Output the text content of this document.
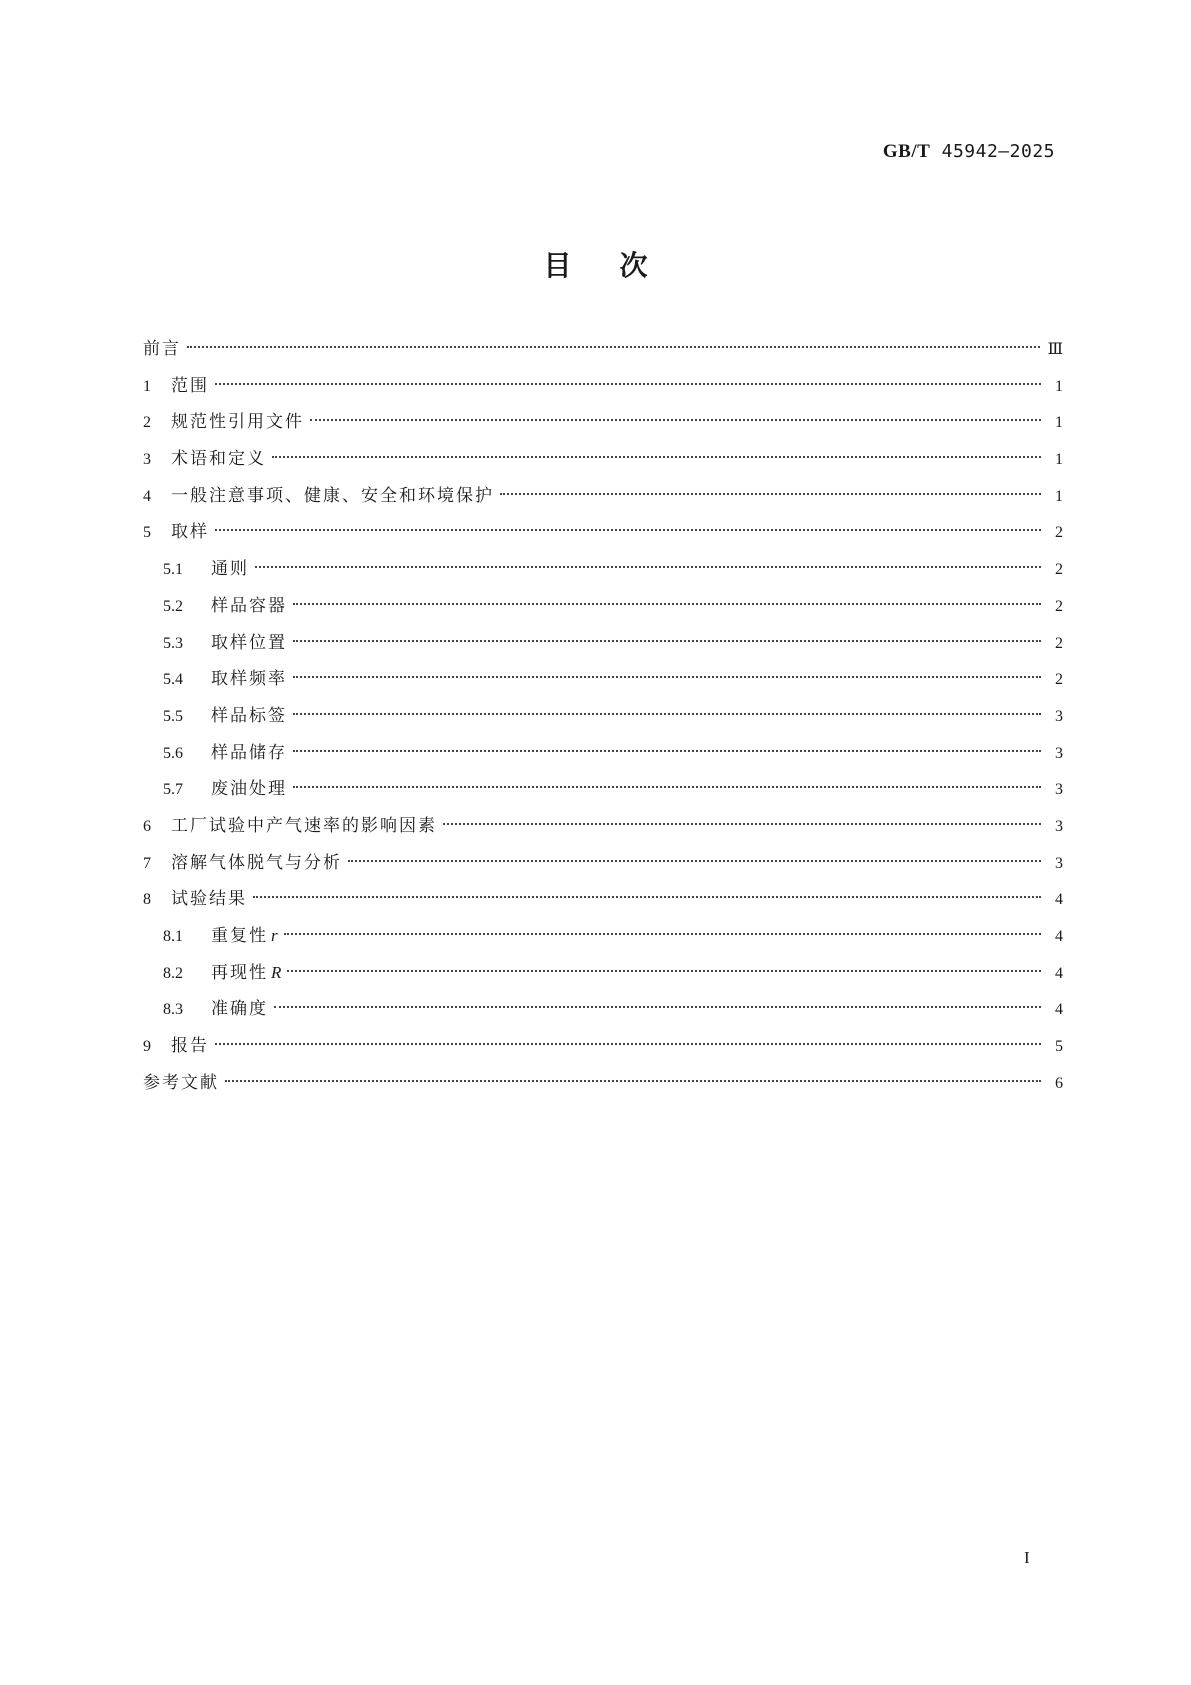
GB/T 45942—2025
目次
前言	Ⅲ
1	范围	1
2	规范性引用文件	1
3	术语和定义	1
4	一般注意事项、健康、安全和环境保护	1
5	取样	2
5.1	通则	2
5.2	样品容器	2
5.3	取样位置	2
5.4	取样频率	2
5.5	样品标签	3
5.6	样品储存	3
5.7	废油处理	3
6	工厂试验中产气速率的影响因素	3
7	溶解气体脱气与分析	3
8	试验结果	4
8.1	重复性 r	4
8.2	再现性 R	4
8.3	准确度	4
9	报告	5
参考文献	6
I
